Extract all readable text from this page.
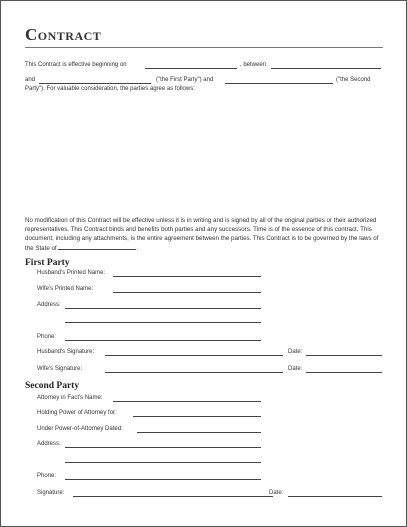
Contract
This Contract is effective beginning on	, between
and	("the First Party") and	("the Second
Party"). For valuable consideration, the parties agree as follows:
No modification of this Contract will be effective unless it is in writing and is signed by all of the original parties or their authorized representatives. This Contract binds and benefits both parties and any successors. Time is of the essence of this contract. This document, including any attachments, is the entire agreement between the parties. This Contract is to be governed by the laws of the State of	.
First Party
Husband's Printed Name:
Wife's Printed Name:
Address:
Phone:
Husband's Signature:	Date:
Wife's Signature:	Date:
Second Party
Attorney in Fact's Name:
Holding Power of Attorney for:
Under Power-of-Attorney Dated:
Address:
Phone:
Signature:	Date:
